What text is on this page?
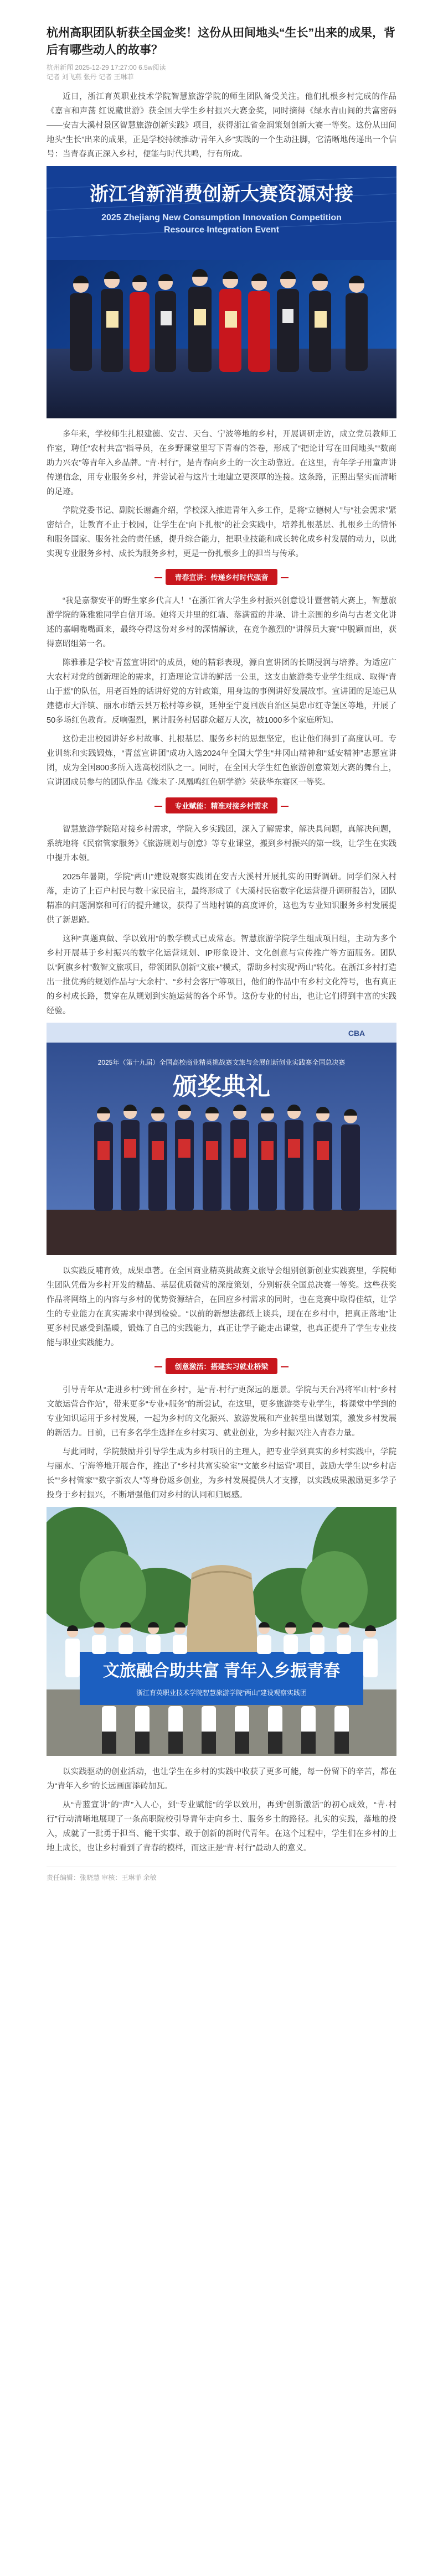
杭州高职团队斩获全国金奖！这份从田间地头“生长”出来的成果，背后有哪些动人的故事？
杭州新闻 2025-12-29 17:27:00 6.5w阅读
记者 刘飞燕 张丹 记者 王琳菲

近日，浙江育英职业技术学院智慧旅游学院的师生团队备受关注。他们扎根乡村完成的作品《嘉言和声荡 红说藏世游》获全国大学生乡村振兴大赛金奖，同时摘得《绿水青山间的共富密码——安吉大溪村景区智慧旅游创新实践》项目，获得浙江省金润策划创新大赛一等奖。这份从田间地头“生长”出来的成果，正是学校持续推动“青年入乡”实践的一个生动注脚，它清晰地传递出一个信号：当青春真正深入乡村，便能与时代共鸣，行有所成。

浙江省新消费创新大赛资源对接
2025 Zhejiang New Consumption Innovation Competition
Resource Integration Event

多年来，学校师生扎根建德、安吉、天台、宁波等地的乡村，开展调研走访，成立党员教师工作室，聘任“农村共富”指导员，在乡野课堂里写下青春的答卷，形成了“把论计写在田间地头”“数商助力兴农”等青年入乡品牌。“青·村行”，是青春向乡土的一次主动靠近。在这里，青年学子用童声讲传递信念，用专业服务乡村，并尝试着与这片土地建立更深厚的连接。这条路，正照出坚实而清晰的足迹。

学院党委书记、副院长谢鑫介绍，学校深入推进青年入乡工作，是将“立德树人”与“社会需求”紧密结合，让教育不止于校园，让学生在“向下扎根”的社会实践中，培养扎根基层、扎根乡土的情怀和服务国家、服务社会的责任感，提升综合能力，把职业技能和成长转化成乡村发展的动力，以此实现专业服务乡村、成长为服务乡村，更是一份扎根乡土的担当与传承。

青春宣讲：传递乡村时代强音

“我是嘉黎安平的野生家乡代言人！”在浙江省大学生乡村振兴创意设计暨营销大赛上，智慧旅游学院的陈雅雅同学自信开场。她将天井里的红墙、落满霞的井垛、讲土亲围的乡尚与古老文化讲述的嘉峒嘴嘴画来，最终夺得这份对乡村的深情解读，在竞争激烈的“讲解员大赛”中脱颖而出，获得嘉昭组第一名。

陈雅雅是学校“青蓝宣讲团”的成员，她的精彩表现，源自宣讲团的长期浸润与培养。为适应广大农村对党的创新理论的需求，打造理论宣讲的鲜活一公里，这支由旅游类专业学生组成、取得“青山于蓝”的队伍，用老百姓的话讲好党的方针政策，用身边的事例讲好发展故事。宣讲团的足迹已从建德市大洋镇、丽水市缙云县万松村等乡镇，延伸至宁夏回族自治区吴忠市红寺堡区等地，开展了50多场红色教育。反响强烈，累计服务村居群众超万人次，被1000多个家庭所知。

这份走出校园讲好乡村故事、扎根基层、服务乡村的思想坚定，也让他们得到了高度认可。专业训练和实践锻炼，“青蓝宣讲团”成功入选2024年全国大学生“井冈山精神和“延安精神”志愿宣讲团，成为全国800多所入选高校团队之一。同时，在全国大学生红色旅游创意策划大赛的舞台上，宣讲团成员参与的团队作品《缘未了·凤凰鸣红色研学游》荣获华东赛区一等奖。

专业赋能：精准对接乡村需求

智慧旅游学院陪对接乡村需求，学院入乡实践团，深入了解需求，解决具问题，真解决问题，系统地将《民宿管家服务》《旅游规划与创意》等专业课堂，搬到乡村振兴的第一线，让学生在实践中提升本领。

2025年暑期，学院“两山”建设观察实践团在安吉大溪村开展扎实的田野调研。同学们深入村落，走访了上百户村民与数十家民宿主，最终形成了《大溪村民宿数字化运营提升调研报告》，团队精准的问题洞察和可行的提升建议，获得了当地村镇的高度评价，这也为专业知识服务乡村发展提供了新思路。

这种“真题真做、学以致用”的教学模式已成常态。智慧旅游学院学生组成项目组，主动为多个乡村开展基于乡村振兴的数字化运营规划、IP形象设计、文化创意与宣传推广等方面服务。团队以“阿旗乡村”数智文旅项目，带领团队创新“文旅+”模式，帮助乡村实现“两山”转化。在浙江乡村打造出一批优秀的规划作品与“大余村”、“乡村会客厅”等项目，他们的作品中有乡村文化符号，也有真正的乡村成长路，贯穿在从规划到实施运营的各个环节。这份专业的付出，也让它们得到丰富的实践经验。

CBA
2025年（第十九届）全国高校商业精英挑战赛文旅与会展创新创业实践赛全国总决赛
颁奖典礼

以实践反哺育效，成果卓著。在全国商业精英挑战赛文旅导会组别创新创业实践赛里，学院师生团队凭借为乡村开发的精品、基层优质微营的深度策划，分别斩获全国总决赛一等奖。这些获奖作品将网络上的内容与乡村的优势资源结合，在回应乡村需求的同时，也在竞赛中取得佳绩，让学生的专业能力在真实需求中得到检验。“以前的新想法都纸上谈兵，现在在乡村中，把真正落地”让更多村民感受到温暖，锻炼了自己的实践能力，真正让学子能走出课堂，也真正提升了学生专业技能与职业实践能力。

创意激活：搭建实习就业桥梁

引导青年从“走进乡村”到“留在乡村”，是“青·村行”更深远的愿景。学院与天台冯将军山村“乡村文旅运营合作站”，带来更多“专业+服务”的新尝试，在这里，更多旅游类专业学生，将课堂中学到的专业知识运用于乡村发展，一起为乡村的文化振兴、旅游发展和产业转型出谋划策，激发乡村发展的新活力。目前，已有多名学生选择在乡村实习、就业创业，为乡村振兴注入青春力量。

与此同时，学院鼓励并引导学生成为乡村项目的主理人，把专业学到真实的乡村实践中，学院与丽水、宁海等地开展合作，推出了“乡村共富实验室”“文旅乡村运营”项目，鼓励大学生以“乡村店长”“乡村管家”“数字新农人”等身份返乡创业，为乡村发展提供人才支撑，以实践成果激励更多学子投身于乡村振兴，不断增强他们对乡村的认同和归属感。

文旅融合助共富 青年入乡振青春
浙江育英职业技术学院智慧旅游学院“两山”建设观察实践团

以实践驱动的创业活动，也让学生在乡村的实践中收获了更多可能，每一份留下的辛苦，都在为“青年入乡”的长远画面添砖加瓦。

从“青蓝宣讲”的“声”入人心，到“专业赋能”的学以致用，再到“创新激活”的初心成效，“青·村行”行动清晰地展现了一条高职院校引导青年走向乡土、服务乡土的路径。扎实的实践，落地的投入，成就了一批勇于担当、能干实事、敢于创新的新时代青年。在这个过程中，学生们在乡村的土地上成长，也让乡村看到了青春的模样，而这正是“青·村行”最动人的意义。

责任编辑：张晓慧 审核：王琳菲 余敏
